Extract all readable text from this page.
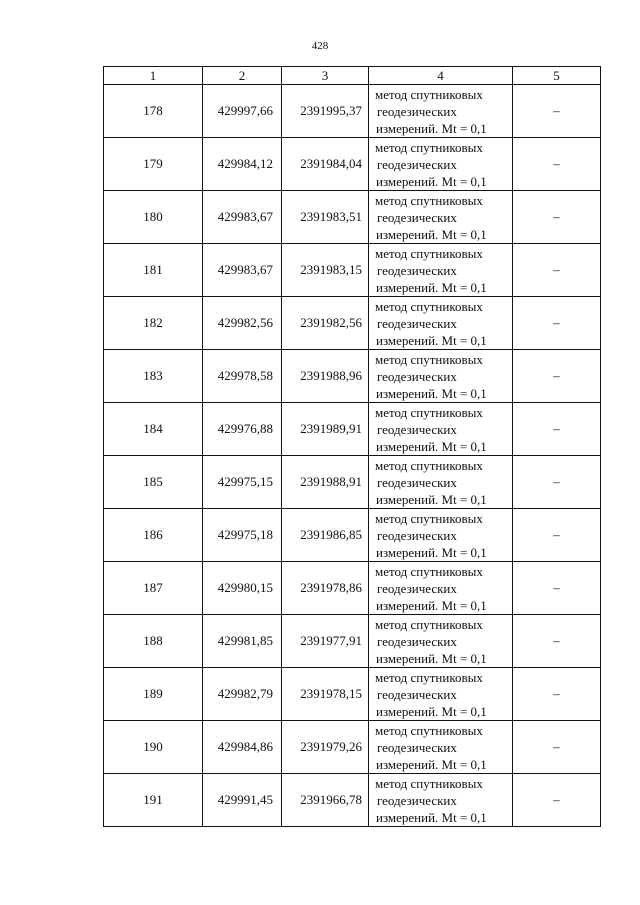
428
1	2	3	4	5
178	429997,66	2391995,37	метод спутниковых
геодезических
измерений. Mt = 0,1	–
179	429984,12	2391984,04	метод спутниковых
геодезических
измерений. Mt = 0,1	–
180	429983,67	2391983,51	метод спутниковых
геодезических
измерений. Mt = 0,1	–
181	429983,67	2391983,15	метод спутниковых
геодезических
измерений. Mt = 0,1	–
182	429982,56	2391982,56	метод спутниковых
геодезических
измерений. Mt = 0,1	–
183	429978,58	2391988,96	метод спутниковых
геодезических
измерений. Mt = 0,1	–
184	429976,88	2391989,91	метод спутниковых
геодезических
измерений. Mt = 0,1	–
185	429975,15	2391988,91	метод спутниковых
геодезических
измерений. Mt = 0,1	–
186	429975,18	2391986,85	метод спутниковых
геодезических
измерений. Mt = 0,1	–
187	429980,15	2391978,86	метод спутниковых
геодезических
измерений. Mt = 0,1	–
188	429981,85	2391977,91	метод спутниковых
геодезических
измерений. Mt = 0,1	–
189	429982,79	2391978,15	метод спутниковых
геодезических
измерений. Mt = 0,1	–
190	429984,86	2391979,26	метод спутниковых
геодезических
измерений. Mt = 0,1	–
191	429991,45	2391966,78	метод спутниковых
геодезических
измерений. Mt = 0,1	–
